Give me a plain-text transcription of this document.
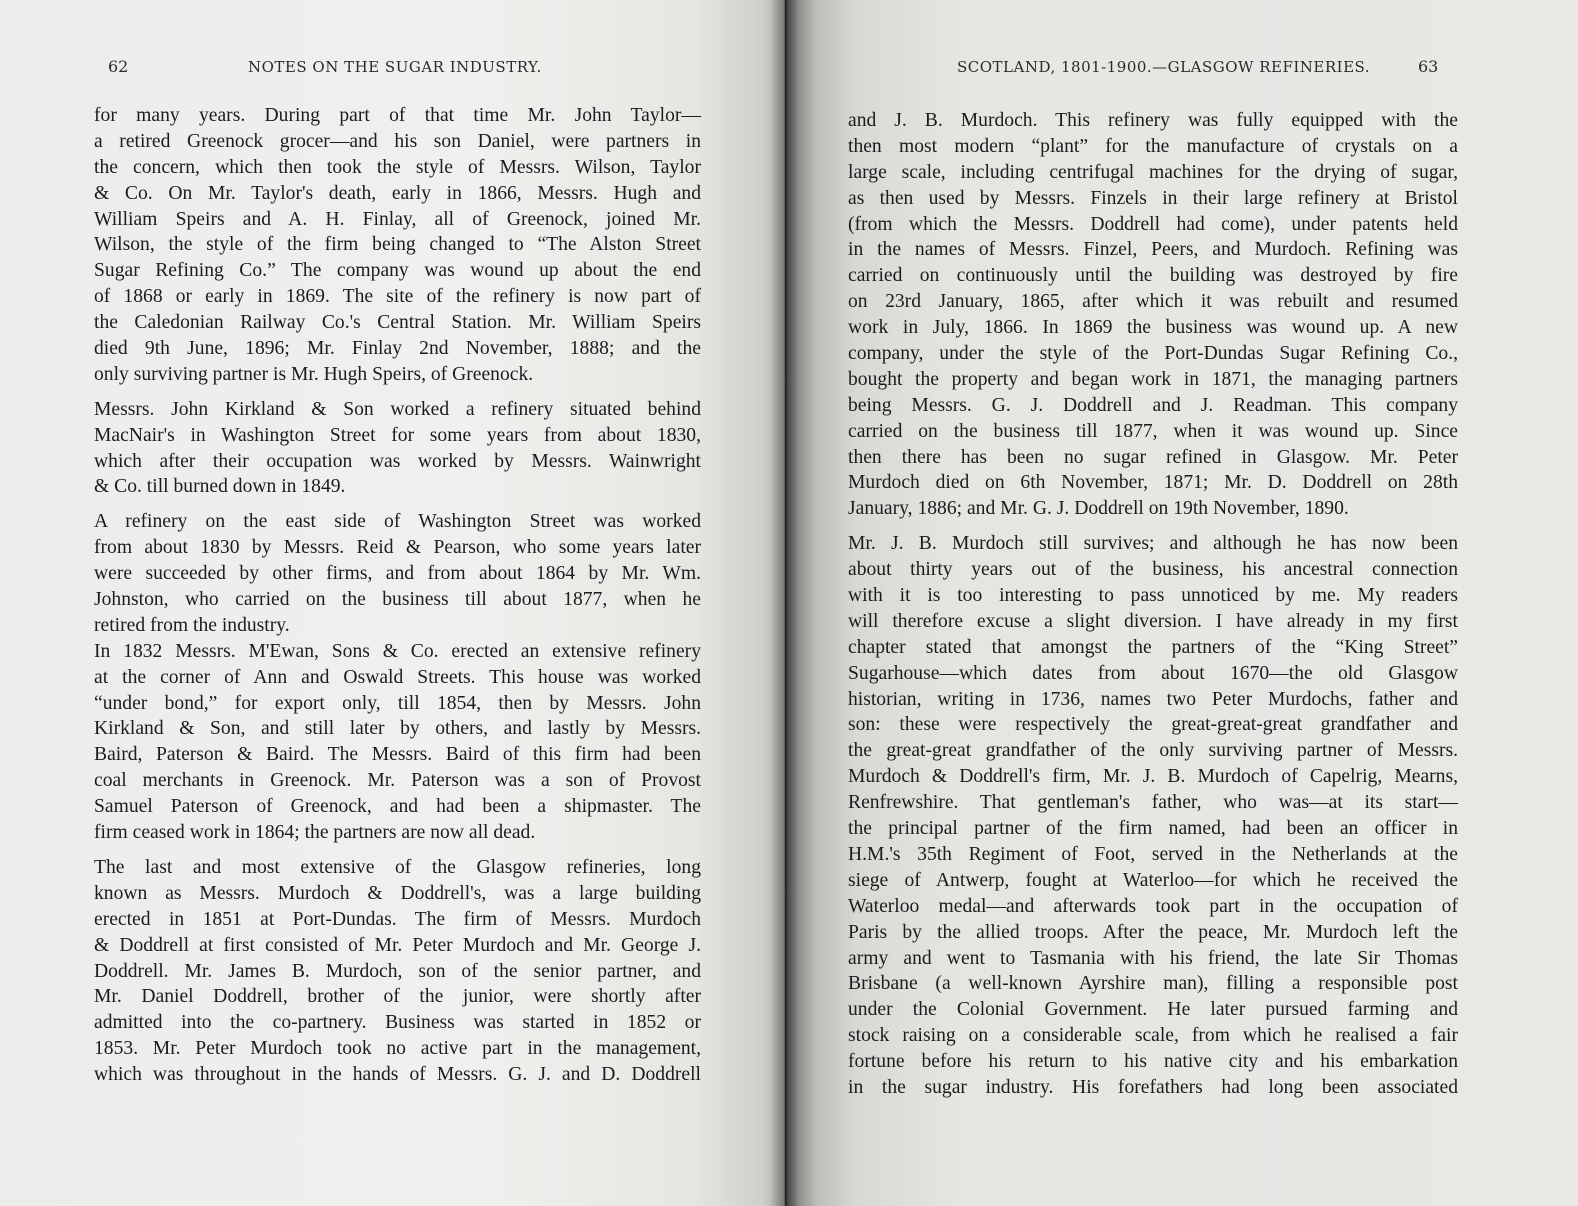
62	NOTES ON THE SUGAR INDUSTRY.
for many years. During part of that time Mr. John Taylor—
a retired Greenock grocer—and his son Daniel, were partners in
the concern, which then took the style of Messrs. Wilson, Taylor
& Co. On Mr. Taylor's death, early in 1866, Messrs. Hugh and
William Speirs and A. H. Finlay, all of Greenock, joined Mr.
Wilson, the style of the firm being changed to “The Alston Street
Sugar Refining Co.” The company was wound up about the end
of 1868 or early in 1869. The site of the refinery is now part of
the Caledonian Railway Co.'s Central Station. Mr. William Speirs
died 9th June, 1896; Mr. Finlay 2nd November, 1888; and the
only surviving partner is Mr. Hugh Speirs, of Greenock.
Messrs. John Kirkland & Son worked a refinery situated behind
MacNair's in Washington Street for some years from about 1830,
which after their occupation was worked by Messrs. Wainwright
& Co. till burned down in 1849.
A refinery on the east side of Washington Street was worked
from about 1830 by Messrs. Reid & Pearson, who some years later
were succeeded by other firms, and from about 1864 by Mr. Wm.
Johnston, who carried on the business till about 1877, when he
retired from the industry.
In 1832 Messrs. M'Ewan, Sons & Co. erected an extensive refinery
at the corner of Ann and Oswald Streets. This house was worked
“under bond,” for export only, till 1854, then by Messrs. John
Kirkland & Son, and still later by others, and lastly by Messrs.
Baird, Paterson & Baird. The Messrs. Baird of this firm had been
coal merchants in Greenock. Mr. Paterson was a son of Provost
Samuel Paterson of Greenock, and had been a shipmaster. The
firm ceased work in 1864; the partners are now all dead.
The last and most extensive of the Glasgow refineries, long
known as Messrs. Murdoch & Doddrell's, was a large building
erected in 1851 at Port-Dundas. The firm of Messrs. Murdoch
& Doddrell at first consisted of Mr. Peter Murdoch and Mr. George J.
Doddrell. Mr. James B. Murdoch, son of the senior partner, and
Mr. Daniel Doddrell, brother of the junior, were shortly after
admitted into the co-partnery. Business was started in 1852 or
1853. Mr. Peter Murdoch took no active part in the management,
which was throughout in the hands of Messrs. G. J. and D. Doddrell
SCOTLAND, 1801-1900.—GLASGOW REFINERIES.	63
and J. B. Murdoch. This refinery was fully equipped with the
then most modern “plant” for the manufacture of crystals on a
large scale, including centrifugal machines for the drying of sugar,
as then used by Messrs. Finzels in their large refinery at Bristol
(from which the Messrs. Doddrell had come), under patents held
in the names of Messrs. Finzel, Peers, and Murdoch. Refining was
carried on continuously until the building was destroyed by fire
on 23rd January, 1865, after which it was rebuilt and resumed
work in July, 1866. In 1869 the business was wound up. A new
company, under the style of the Port-Dundas Sugar Refining Co.,
bought the property and began work in 1871, the managing partners
being Messrs. G. J. Doddrell and J. Readman. This company
carried on the business till 1877, when it was wound up. Since
then there has been no sugar refined in Glasgow. Mr. Peter
Murdoch died on 6th November, 1871; Mr. D. Doddrell on 28th
January, 1886; and Mr. G. J. Doddrell on 19th November, 1890.
Mr. J. B. Murdoch still survives; and although he has now been
about thirty years out of the business, his ancestral connection
with it is too interesting to pass unnoticed by me. My readers
will therefore excuse a slight diversion. I have already in my first
chapter stated that amongst the partners of the “King Street”
Sugarhouse—which dates from about 1670—the old Glasgow
historian, writing in 1736, names two Peter Murdochs, father and
son: these were respectively the great-great-great grandfather and
the great-great grandfather of the only surviving partner of Messrs.
Murdoch & Doddrell's firm, Mr. J. B. Murdoch of Capelrig, Mearns,
Renfrewshire. That gentleman's father, who was—at its start—
the principal partner of the firm named, had been an officer in
H.M.'s 35th Regiment of Foot, served in the Netherlands at the
siege of Antwerp, fought at Waterloo—for which he received the
Waterloo medal—and afterwards took part in the occupation of
Paris by the allied troops. After the peace, Mr. Murdoch left the
army and went to Tasmania with his friend, the late Sir Thomas
Brisbane (a well-known Ayrshire man), filling a responsible post
under the Colonial Government. He later pursued farming and
stock raising on a considerable scale, from which he realised a fair
fortune before his return to his native city and his embarkation
in the sugar industry. His forefathers had long been associated
